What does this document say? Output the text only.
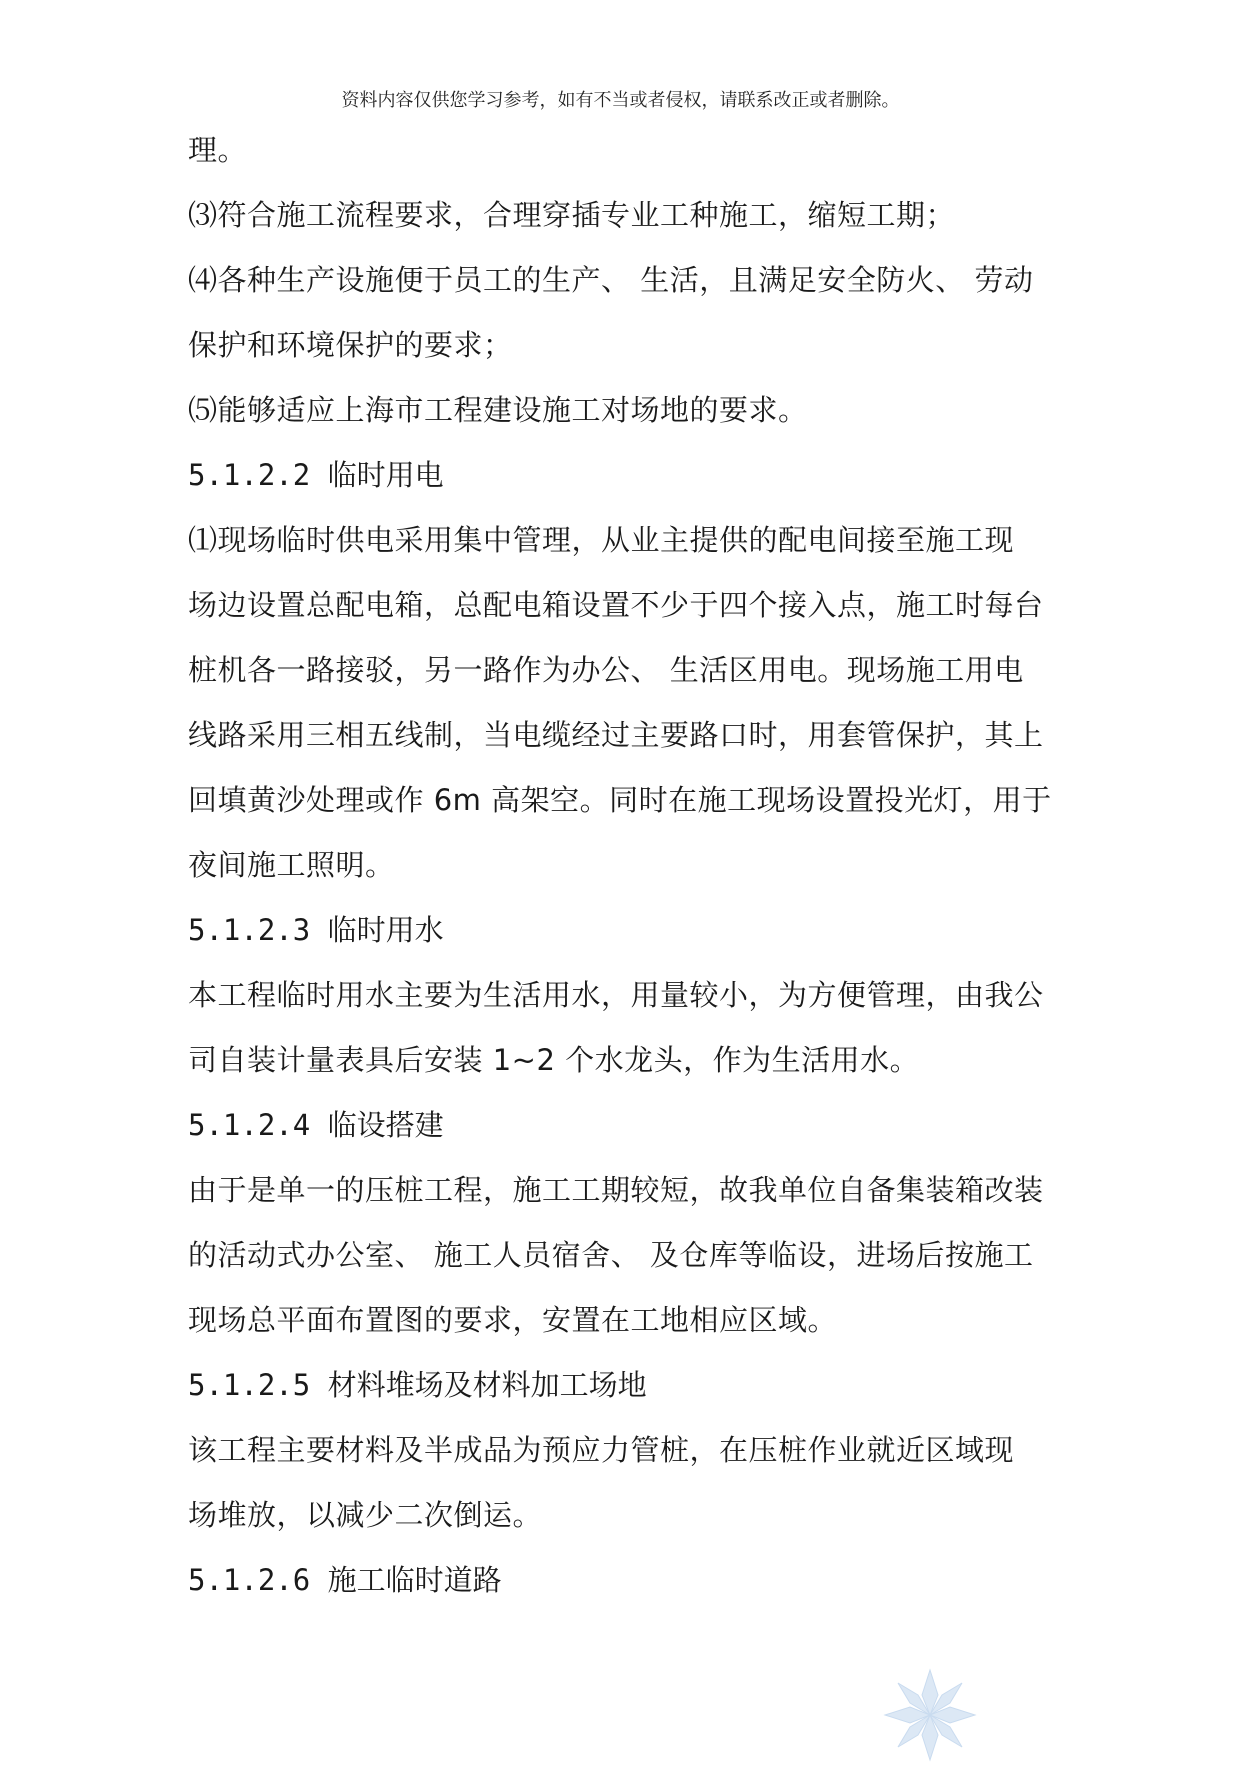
资料内容仅供您学习参考，如有不当或者侵权，请联系改正或者删除。
理。
⑶符合施工流程要求，合理穿插专业工种施工，缩短工期；
⑷各种生产设施便于员工的生产、 生活，且满足安全防火、 劳动
保护和环境保护的要求；
⑸能够适应上海市工程建设施工对场地的要求。
5.1.2.2 临时用电
⑴现场临时供电采用集中管理，从业主提供的配电间接至施工现
场边设置总配电箱，总配电箱设置不少于四个接入点，施工时每台
桩机各一路接驳，另一路作为办公、 生活区用电。现场施工用电
线路采用三相五线制，当电缆经过主要路口时，用套管保护，其上
回填黄沙处理或作 6m 高架空。同时在施工现场设置投光灯，用于
夜间施工照明。
5.1.2.3 临时用水
本工程临时用水主要为生活用水，用量较小，为方便管理，由我公
司自装计量表具后安装 1~2 个水龙头，作为生活用水。
5.1.2.4 临设搭建
由于是单一的压桩工程，施工工期较短，故我单位自备集装箱改装
的活动式办公室、 施工人员宿舍、 及仓库等临设，进场后按施工
现场总平面布置图的要求，安置在工地相应区域。
5.1.2.5 材料堆场及材料加工场地
该工程主要材料及半成品为预应力管桩，在压桩作业就近区域现
场堆放，以减少二次倒运。
5.1.2.6 施工临时道路
